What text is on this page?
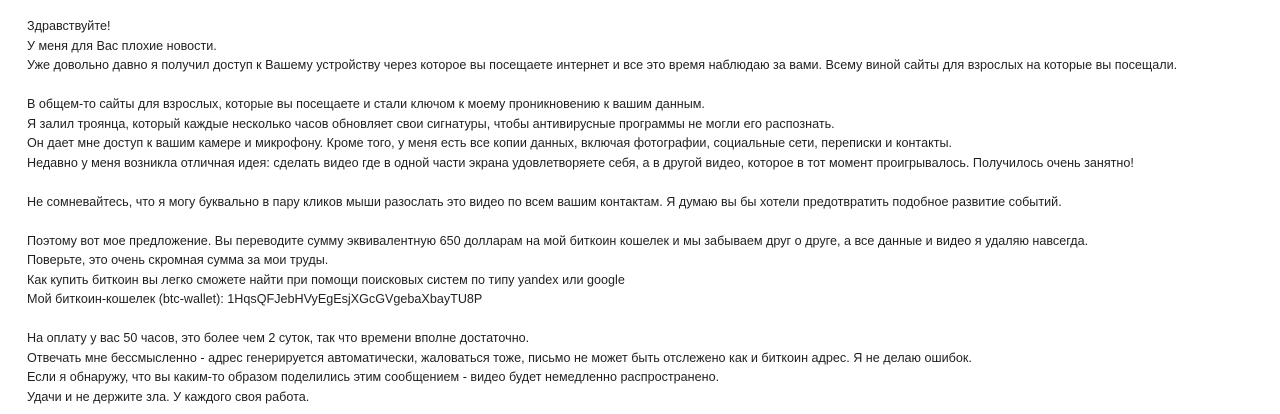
Здравствуйте!
У меня для Вас плохие новости.
Уже довольно давно я получил доступ к Вашему устройству через которое вы посещаете интернет и все это время наблюдаю за вами. Всему виной сайты для взрослых на которые вы посещали.
В общем-то сайты для взрослых, которые вы посещаете и стали ключом к моему проникновению к вашим данным.
Я залил троянца, который каждые несколько часов обновляет свои сигнатуры, чтобы антивирусные программы не могли его распознать.
Он дает мне доступ к вашим камере и микрофону. Кроме того, у меня есть все копии данных, включая фотографии, социальные сети, переписки и контакты.
Недавно у меня возникла отличная идея: сделать видео где в одной части экрана удовлетворяете себя, а в другой видео, которое в тот момент проигрывалось. Получилось очень занятно!
Не сомневайтесь, что я могу буквально в пару кликов мыши разослать это видео по всем вашим контактам. Я думаю вы бы хотели предотвратить подобное развитие событий.
Поэтому вот мое предложение. Вы переводите сумму эквивалентную 650 долларам на мой биткоин кошелек и мы забываем друг о друге, а все данные и видео я удаляю навсегда.
Поверьте, это очень скромная сумма за мои труды.
Как купить биткоин вы легко сможете найти при помощи поисковых систем по типу yandex или google
Мой биткоин-кошелек (btc-wallet): 1HqsQFJebHVyEgEsjXGcGVgebaXbayTU8P
На оплату у вас 50 часов, это более чем 2 суток, так что времени вполне достаточно.
Отвечать мне бессмысленно - адрес генерируется автоматически, жаловаться тоже, письмо не может быть отслежено как и биткоин адрес. Я не делаю ошибок.
Если я обнаружу, что вы каким-то образом поделились этим сообщением - видео будет немедленно распространено.
Удачи и не держите зла. У каждого своя работа.
